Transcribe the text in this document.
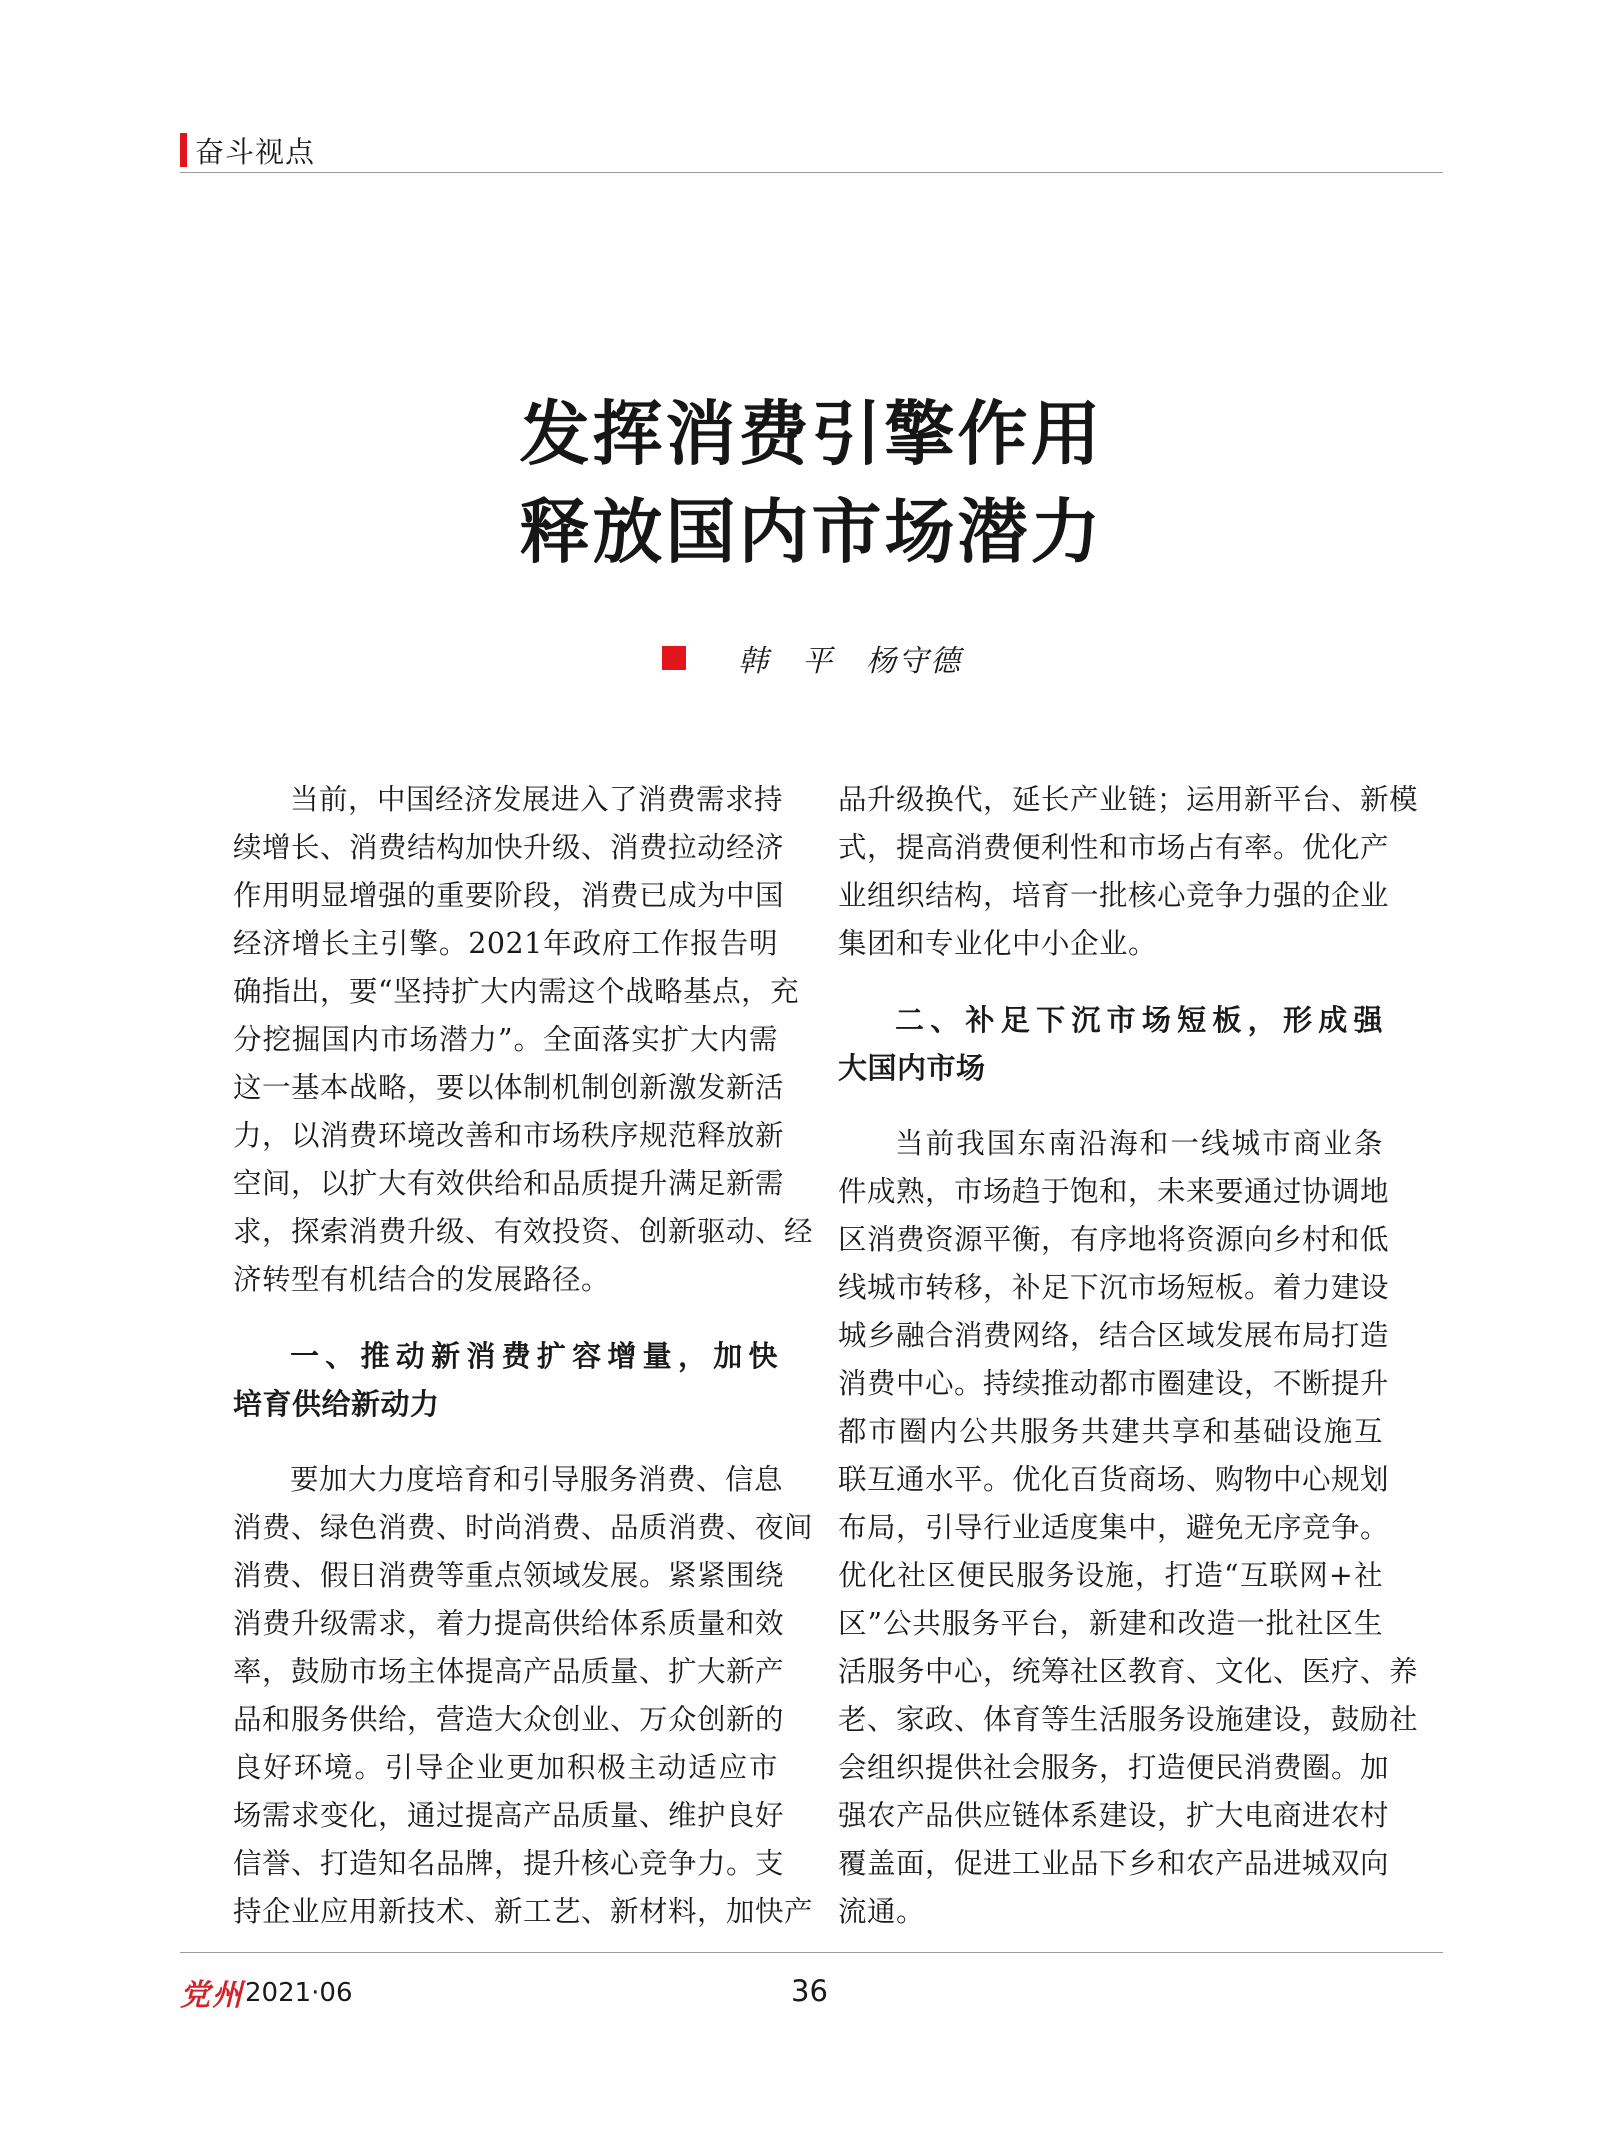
奋斗视点
发挥消费引擎作用
释放国内市场潜力
韩　平　杨守德
当前，中国经济发展进入了消费需求持
续增长、消费结构加快升级、消费拉动经济
作用明显增强的重要阶段，消费已成为中国
经济增长主引擎。2021年政府工作报告明
确指出，要“坚持扩大内需这个战略基点，充
分挖掘国内市场潜力”。全面落实扩大内需
这一基本战略，要以体制机制创新激发新活
力，以消费环境改善和市场秩序规范释放新
空间，以扩大有效供给和品质提升满足新需
求，探索消费升级、有效投资、创新驱动、经
济转型有机结合的发展路径。
一、推动新消费扩容增量，加快
培育供给新动力
要加大力度培育和引导服务消费、信息
消费、绿色消费、时尚消费、品质消费、夜间
消费、假日消费等重点领域发展。紧紧围绕
消费升级需求，着力提高供给体系质量和效
率，鼓励市场主体提高产品质量、扩大新产
品和服务供给，营造大众创业、万众创新的
良好环境。引导企业更加积极主动适应市
场需求变化，通过提高产品质量、维护良好
信誉、打造知名品牌，提升核心竞争力。支
持企业应用新技术、新工艺、新材料，加快产
品升级换代，延长产业链；运用新平台、新模
式，提高消费便利性和市场占有率。优化产
业组织结构，培育一批核心竞争力强的企业
集团和专业化中小企业。
二、补足下沉市场短板，形成强
大国内市场
当前我国东南沿海和一线城市商业条
件成熟，市场趋于饱和，未来要通过协调地
区消费资源平衡，有序地将资源向乡村和低
线城市转移，补足下沉市场短板。着力建设
城乡融合消费网络，结合区域发展布局打造
消费中心。持续推动都市圈建设，不断提升
都市圈内公共服务共建共享和基础设施互
联互通水平。优化百货商场、购物中心规划
布局，引导行业适度集中，避免无序竞争。
优化社区便民服务设施，打造“互联网+社
区”公共服务平台，新建和改造一批社区生
活服务中心，统筹社区教育、文化、医疗、养
老、家政、体育等生活服务设施建设，鼓励社
会组织提供社会服务，打造便民消费圈。加
强农产品供应链体系建设，扩大电商进农村
覆盖面，促进工业品下乡和农产品进城双向
流通。
党州 2021·06	36
